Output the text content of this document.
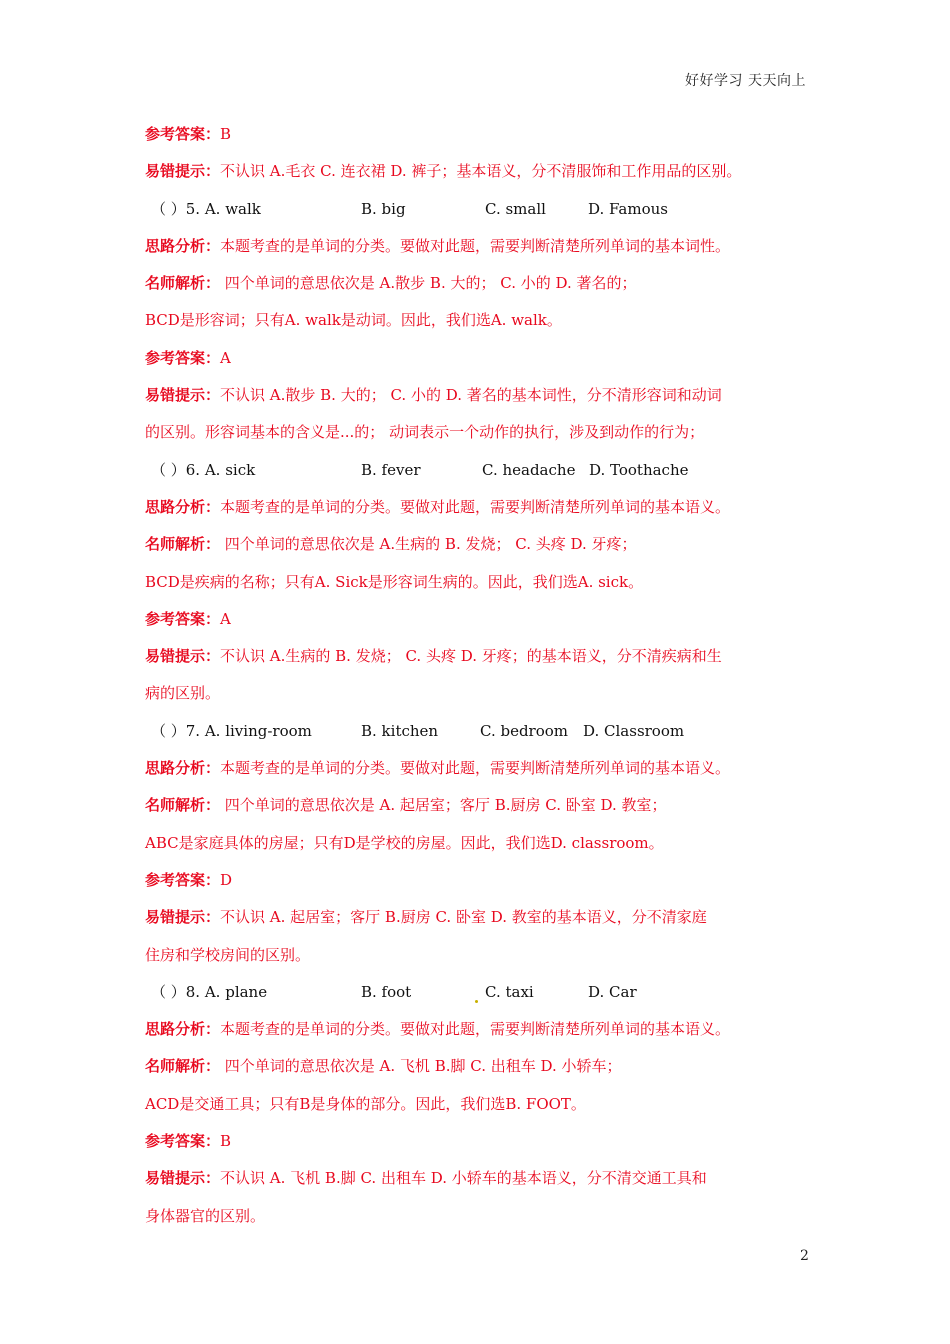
好好学习 天天向上
参考答案：B
易错提示：不认识 A.毛衣 C. 连衣裙 D. 裤子；基本语义，分不清服饰和工作用品的区别。
（ ）5. A. walk	B. big	C. small	D. Famous
思路分析：本题考查的是单词的分类。要做对此题，需要判断清楚所列单词的基本词性。
名师解析： 四个单词的意思依次是 A.散步 B. 大的； C. 小的 D. 著名的；
BCD是形容词；只有A. walk是动词。因此，我们选A. walk。
参考答案：A
易错提示：不认识 A.散步 B. 大的； C. 小的 D. 著名的基本词性，分不清形容词和动词
的区别。形容词基本的含义是...的； 动词表示一个动作的执行，涉及到动作的行为；
（ ）6. A. sick	B. fever	C. headache D. Toothache
思路分析：本题考查的是单词的分类。要做对此题，需要判断清楚所列单词的基本语义。
名师解析： 四个单词的意思依次是 A.生病的 B. 发烧； C. 头疼 D. 牙疼；
BCD是疾病的名称；只有A. Sick是形容词生病的。因此，我们选A. sick。
参考答案：A
易错提示：不认识 A.生病的 B. 发烧； C. 头疼 D. 牙疼；的基本语义，分不清疾病和生
病的区别。
（ ）7. A. living-room	B. kitchen	C. bedroom D. Classroom
思路分析：本题考查的是单词的分类。要做对此题，需要判断清楚所列单词的基本语义。
名师解析： 四个单词的意思依次是 A. 起居室；客厅 B.厨房 C. 卧室 D. 教室；
ABC是家庭具体的房屋；只有D是学校的房屋。因此，我们选D. classroom。
参考答案：D
易错提示：不认识 A. 起居室；客厅 B.厨房 C. 卧室 D. 教室的基本语义，分不清家庭
住房和学校房间的区别。
（ ）8. A. plane	B. foot	C. taxi	D. Car
思路分析：本题考查的是单词的分类。要做对此题，需要判断清楚所列单词的基本语义。
名师解析： 四个单词的意思依次是 A. 飞机 B.脚 C. 出租车 D. 小轿车；
ACD是交通工具；只有B是身体的部分。因此，我们选B. FOOT。
参考答案：B
易错提示：不认识 A. 飞机 B.脚 C. 出租车 D. 小轿车的基本语义，分不清交通工具和
身体器官的区别。
2
